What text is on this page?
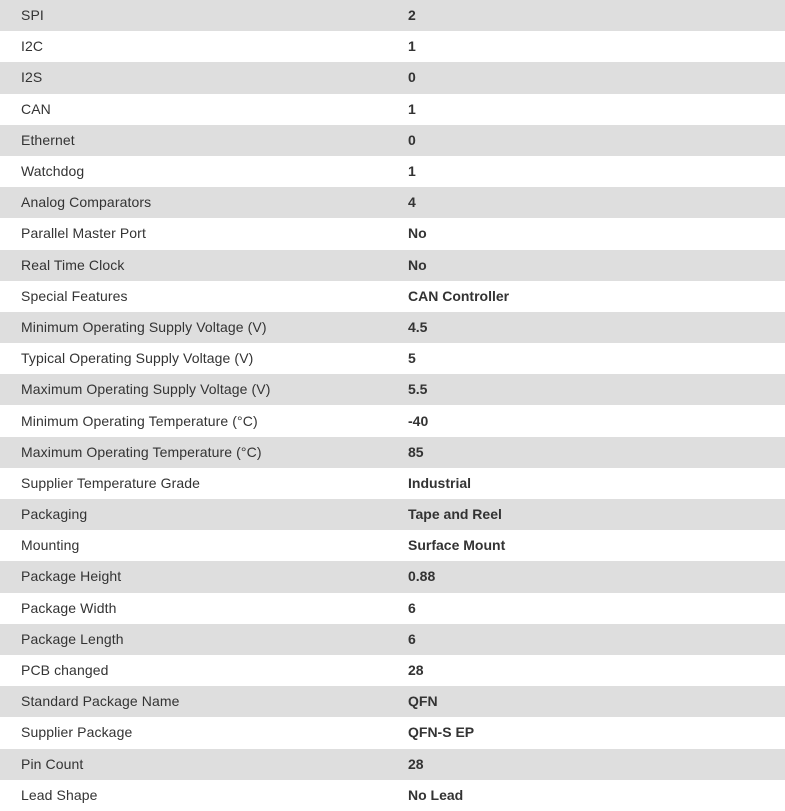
SPI	2
I2C	1
I2S	0
CAN	1
Ethernet	0
Watchdog	1
Analog Comparators	4
Parallel Master Port	No
Real Time Clock	No
Special Features	CAN Controller
Minimum Operating Supply Voltage (V)	4.5
Typical Operating Supply Voltage (V)	5
Maximum Operating Supply Voltage (V)	5.5
Minimum Operating Temperature (°C)	-40
Maximum Operating Temperature (°C)	85
Supplier Temperature Grade	Industrial
Packaging	Tape and Reel
Mounting	Surface Mount
Package Height	0.88
Package Width	6
Package Length	6
PCB changed	28
Standard Package Name	QFN
Supplier Package	QFN-S EP
Pin Count	28
Lead Shape	No Lead
